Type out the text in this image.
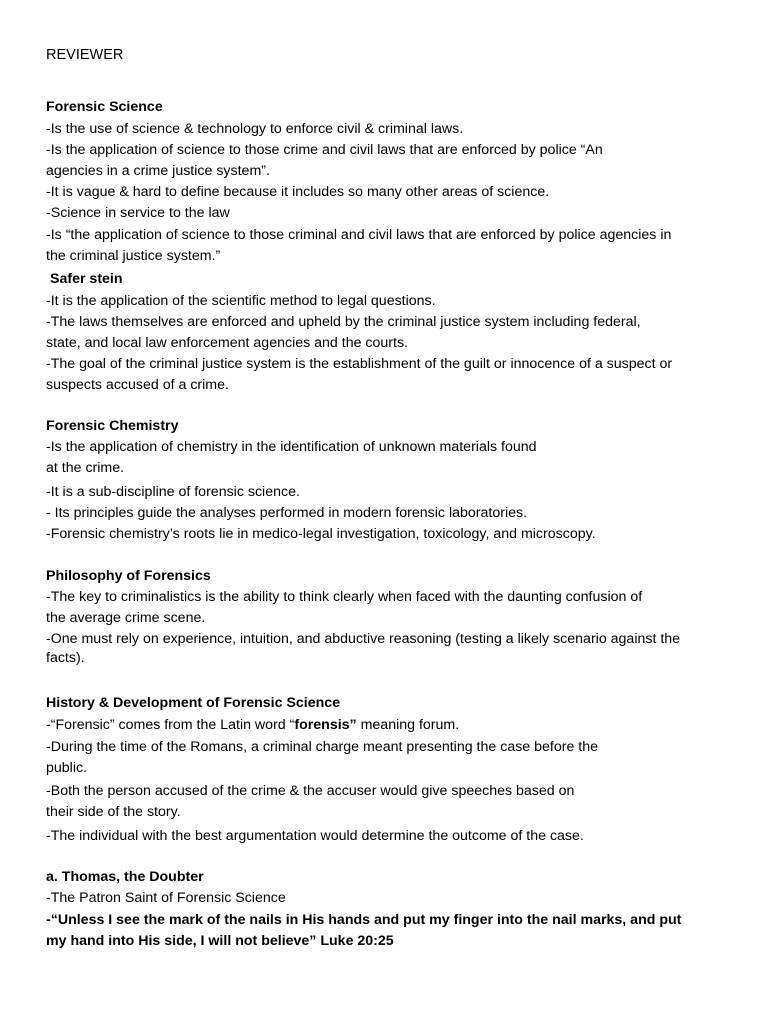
REVIEWER
Forensic Science
-Is the use of science & technology to enforce civil & criminal laws.
-Is the application of science to those crime and civil laws that are enforced by police “An
agencies in a crime justice system”.
-It is vague & hard to define because it includes so many other areas of science.
-Science in service to the law
-Is “the application of science to those criminal and civil laws that are enforced by police agencies in
the criminal justice system.”
Safer stein
-It is the application of the scientific method to legal questions.
-The laws themselves are enforced and upheld by the criminal justice system including federal,
state, and local law enforcement agencies and the courts.
-The goal of the criminal justice system is the establishment of the guilt or innocence of a suspect or
suspects accused of a crime.
Forensic Chemistry
-Is the application of chemistry in the identification of unknown materials found
at the crime.
-It is a sub-discipline of forensic science.
- Its principles guide the analyses performed in modern forensic laboratories.
-Forensic chemistry’s roots lie in medico-legal investigation, toxicology, and microscopy.
Philosophy of Forensics
-The key to criminalistics is the ability to think clearly when faced with the daunting confusion of
the average crime scene.
-One must rely on experience, intuition, and abductive reasoning (testing a likely scenario against the
facts).
History & Development of Forensic Science
-“Forensic” comes from the Latin word “forensis” meaning forum.
-During the time of the Romans, a criminal charge meant presenting the case before the
public.
-Both the person accused of the crime & the accuser would give speeches based on
their side of the story.
-The individual with the best argumentation would determine the outcome of the case.
a. Thomas, the Doubter
-The Patron Saint of Forensic Science
-“Unless I see the mark of the nails in His hands and put my finger into the nail marks, and put
my hand into His side, I will not believe” Luke 20:25
